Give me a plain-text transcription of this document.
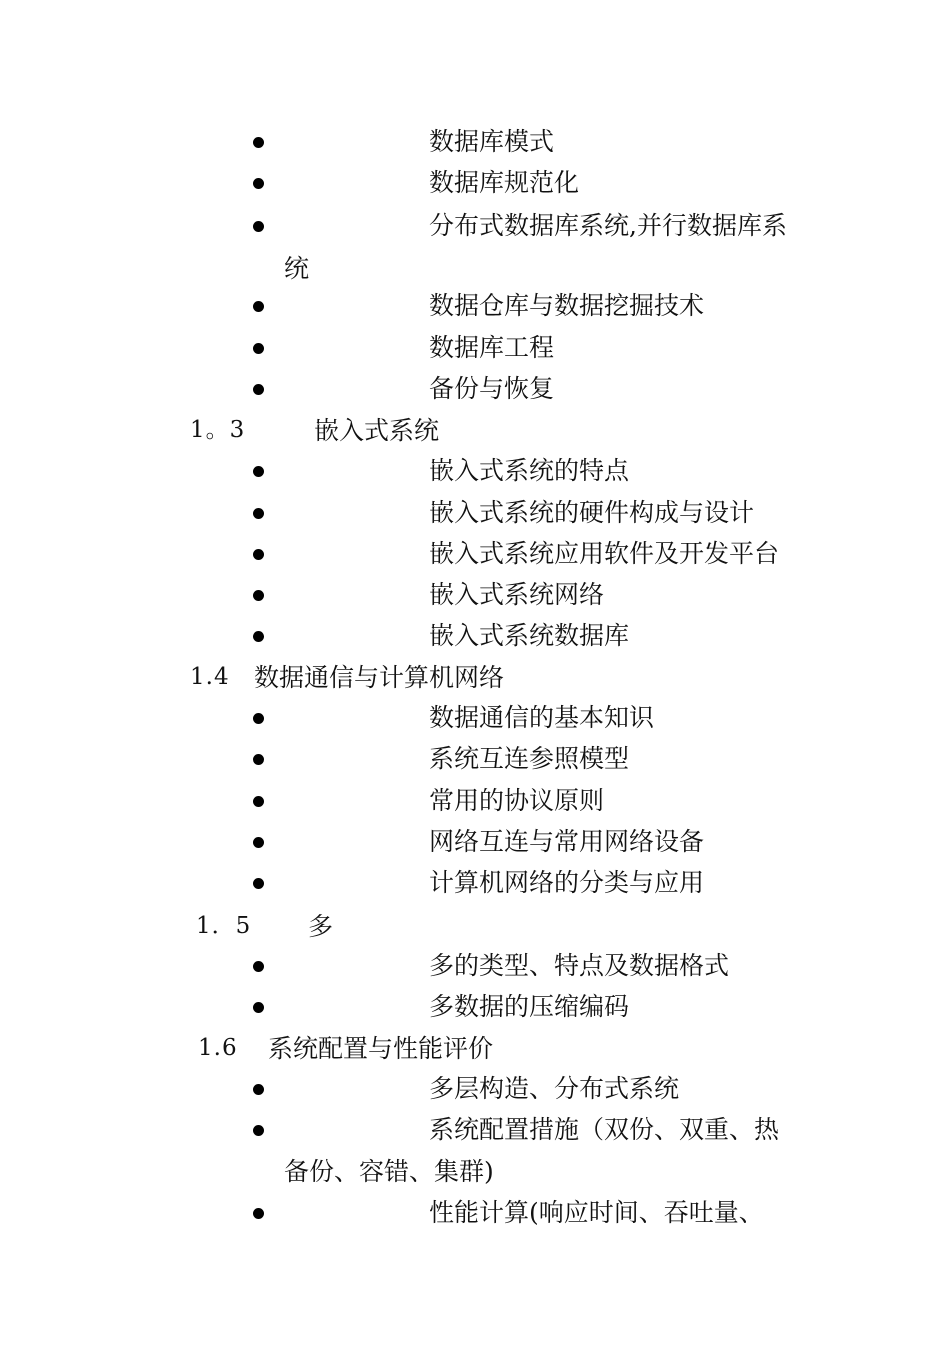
数据库模式
数据库规范化
分布式数据库系统,并行数据库系
统
数据仓库与数据挖掘技术
数据库工程
备份与恢复
1。3	嵌入式系统
嵌入式系统的特点
嵌入式系统的硬件构成与设计
嵌入式系统应用软件及开发平台
嵌入式系统网络
嵌入式系统数据库
1.4 数据通信与计算机网络
数据通信的基本知识
系统互连参照模型
常用的协议原则
网络互连与常用网络设备
计算机网络的分类与应用
1．5 多
多的类型、特点及数据格式
多数据的压缩编码
1.6 系统配置与性能评价
多层构造、分布式系统
系统配置措施（双份、双重、热
备份、容错、集群)
性能计算(响应时间、吞吐量、
